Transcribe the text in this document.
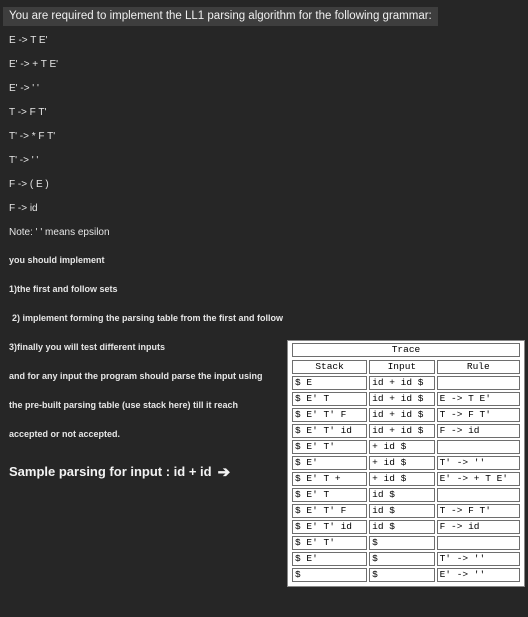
You are required to implement the LL1 parsing algorithm for the following grammar:
E -> T E'
E' -> + T E'
E' -> ' '
T -> F T'
T' -> * F T'
T' -> ' '
F -> ( E )
F -> id
Note: ' ' means epsilon
you should implement
1)the first and follow sets
2) implement forming the parsing table from the first and follow
3)finally you will test different inputs
and for any input the program should parse the input using
the pre-built parsing table (use stack here) till it reach
accepted or not accepted.
Sample parsing for input : id + id ➔
Trace
Stack	Input	Rule
$ E	id + id $	
$ E' T	id + id $	E -> T E'
$ E' T' F	id + id $	T -> F T'
$ E' T' id	id + id $	F -> id
$ E' T'	+ id $	
$ E'	+ id $	T' -> ''
$ E' T +	+ id $	E' -> + T E'
$ E' T	id $	
$ E' T' F	id $	T -> F T'
$ E' T' id	id $	F -> id
$ E' T'	$	
$ E'	$	T' -> ''
$	$	E' -> ''
